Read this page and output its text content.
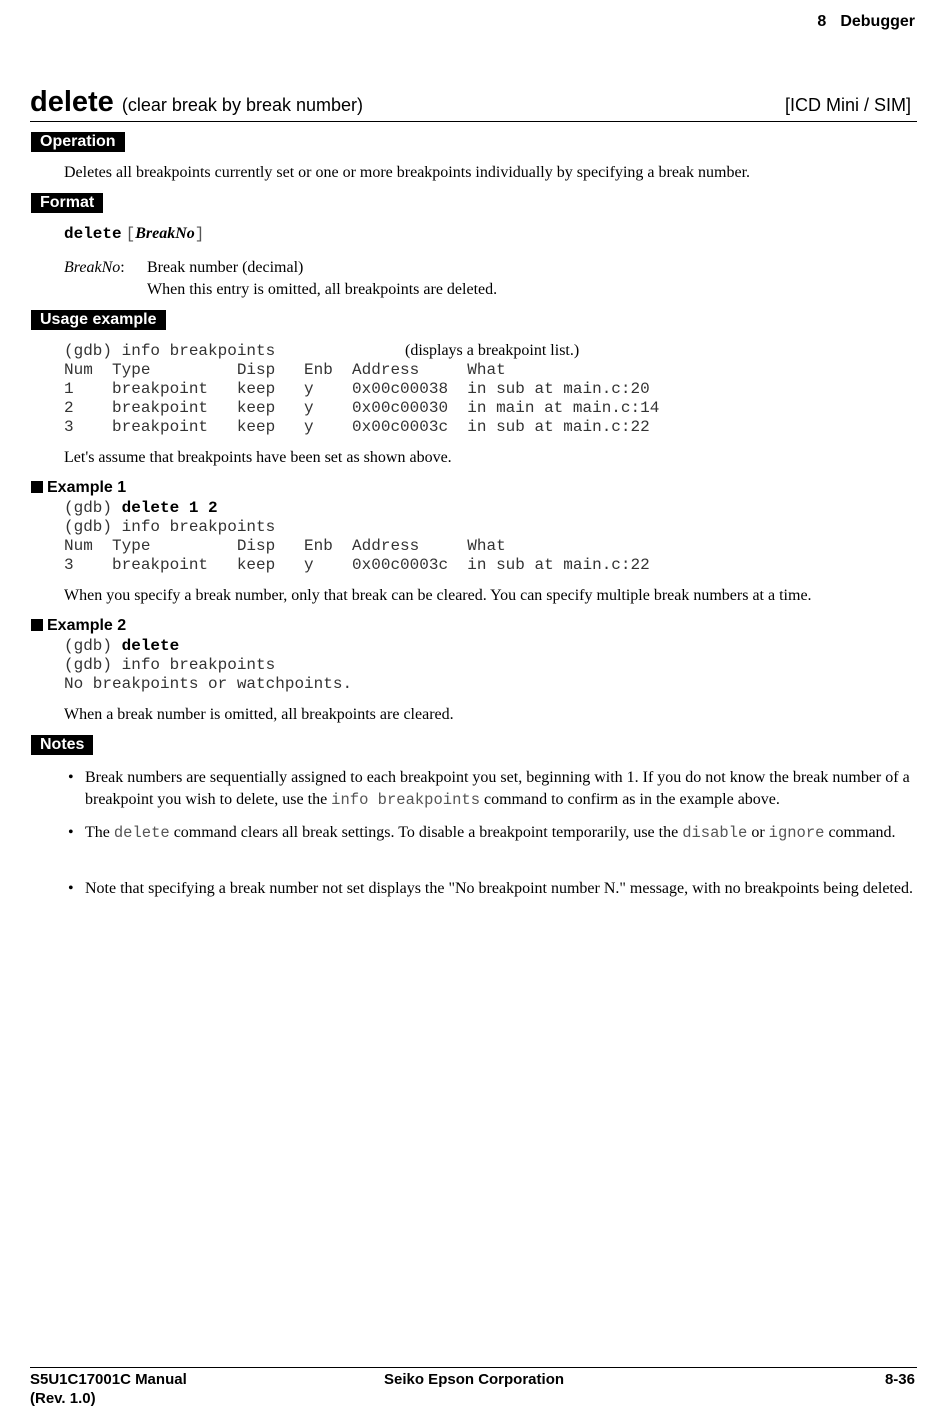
8 Debugger
delete (clear break by break number)	[ICD Mini / SIM]
Operation
Deletes all breakpoints currently set or one or more breakpoints individually by specifying a break number.
Format
delete [BreakNo]
BreakNo: Break number (decimal)
When this entry is omitted, all breakpoints are deleted.
Usage example
(gdb) info breakpoints	(displays a breakpoint list.)
Num  Type         Disp   Enb  Address     What
1    breakpoint   keep   y    0x00c00038  in sub at main.c:20
2    breakpoint   keep   y    0x00c00030  in main at main.c:14
3    breakpoint   keep   y    0x00c0003c  in sub at main.c:22
Let's assume that breakpoints have been set as shown above.
Example 1
(gdb) delete 1 2
(gdb) info breakpoints
Num  Type         Disp   Enb  Address     What
3    breakpoint   keep   y    0x00c0003c  in sub at main.c:22
When you specify a break number, only that break can be cleared. You can specify multiple break numbers at a time.
Example 2
(gdb) delete
(gdb) info breakpoints
No breakpoints or watchpoints.
When a break number is omitted, all breakpoints are cleared.
Notes
• Break numbers are sequentially assigned to each breakpoint you set, beginning with 1. If you do not know the break number of a breakpoint you wish to delete, use the info breakpoints command to confirm as in the example above.
• The delete command clears all break settings. To disable a breakpoint temporarily, use the disable or ignore command.
• Note that specifying a break number not set displays the "No breakpoint number N." message, with no breakpoints being deleted.
S5U1C17001C Manual
(Rev. 1.0)
Seiko Epson Corporation	8-36
